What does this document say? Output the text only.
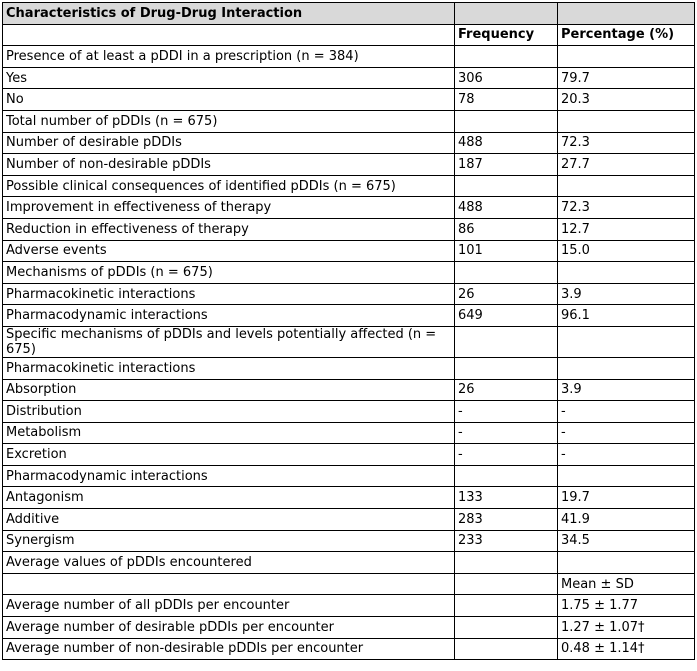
Characteristics of Drug-Drug Interaction		
	Frequency	Percentage (%)
Presence of at least a pDDI in a prescription (n = 384)		
Yes	306	79.7
No	78	20.3
Total number of pDDIs (n = 675)		
Number of desirable pDDIs	488	72.3
Number of non-desirable pDDIs	187	27.7
Possible clinical consequences of identified pDDIs (n = 675)		
Improvement in effectiveness of therapy	488	72.3
Reduction in effectiveness of therapy	86	12.7
Adverse events	101	15.0
Mechanisms of pDDIs (n = 675)		
Pharmacokinetic interactions	26	3.9
Pharmacodynamic interactions	649	96.1
Specific mechanisms of pDDIs and levels potentially affected (n = 675)		
Pharmacokinetic interactions		
Absorption	26	3.9
Distribution	-	-
Metabolism	-	-
Excretion	-	-
Pharmacodynamic interactions		
Antagonism	133	19.7
Additive	283	41.9
Synergism	233	34.5
Average values of pDDIs encountered		
		Mean ± SD
Average number of all pDDIs per encounter		1.75 ± 1.77
Average number of desirable pDDIs per encounter		1.27 ± 1.07†
Average number of non-desirable pDDIs per encounter		0.48 ± 1.14†
